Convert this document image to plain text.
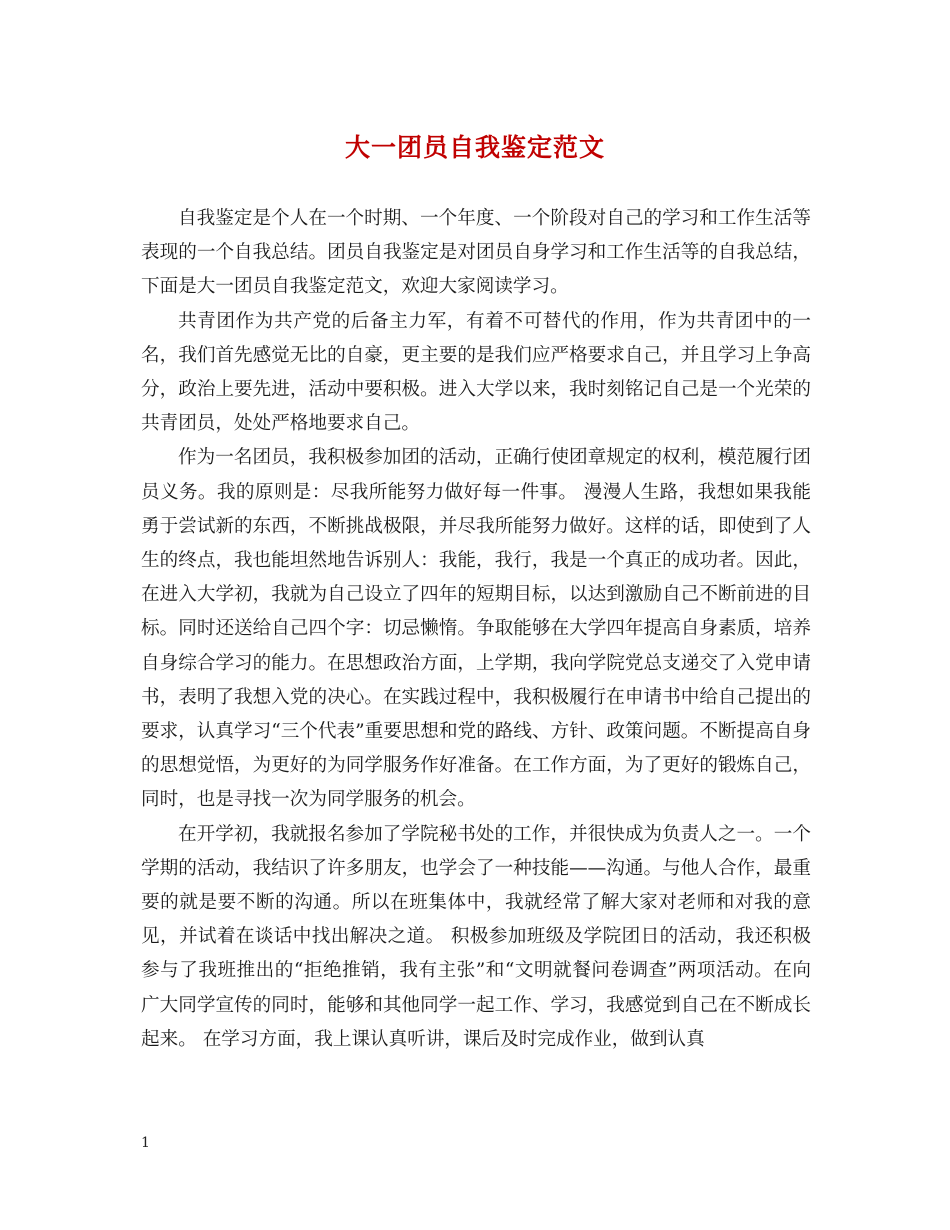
大一团员自我鉴定范文

自我鉴定是个人在一个时期、一个年度、一个阶段对自己的学习和工作生活等表现的一个自我总结。团员自我鉴定是对团员自身学习和工作生活等的自我总结，下面是大一团员自我鉴定范文，欢迎大家阅读学习。

共青团作为共产党的后备主力军，有着不可替代的作用，作为共青团中的一名，我们首先感觉无比的自豪，更主要的是我们应严格要求自己，并且学习上争高分，政治上要先进，活动中要积极。进入大学以来，我时刻铭记自己是一个光荣的共青团员，处处严格地要求自己。

作为一名团员，我积极参加团的活动，正确行使团章规定的权利，模范履行团员义务。我的原则是：尽我所能努力做好每一件事。 漫漫人生路，我想如果我能勇于尝试新的东西，不断挑战极限，并尽我所能努力做好。这样的话，即使到了人生的终点，我也能坦然地告诉别人：我能，我行，我是一个真正的成功者。因此，在进入大学初，我就为自己设立了四年的短期目标，以达到激励自己不断前进的目标。同时还送给自己四个字：切忌懒惰。争取能够在大学四年提高自身素质，培养自身综合学习的能力。在思想政治方面，上学期，我向学院党总支递交了入党申请书，表明了我想入党的决心。在实践过程中，我积极履行在申请书中给自己提出的要求，认真学习“三个代表”重要思想和党的路线、方针、政策问题。不断提高自身的思想觉悟，为更好的为同学服务作好准备。在工作方面，为了更好的锻炼自己，同时，也是寻找一次为同学服务的机会。

在开学初，我就报名参加了学院秘书处的工作，并很快成为负责人之一。一个学期的活动，我结识了许多朋友，也学会了一种技能——沟通。与他人合作，最重要的就是要不断的沟通。所以在班集体中，我就经常了解大家对老师和对我的意见，并试着在谈话中找出解决之道。 积极参加班级及学院团日的活动，我还积极参与了我班推出的“拒绝推销，我有主张”和“文明就餐问卷调查”两项活动。在向广大同学宣传的同时，能够和其他同学一起工作、学习，我感觉到自己在不断成长起来。 在学习方面，我上课认真听讲，课后及时完成作业，做到认真

1
